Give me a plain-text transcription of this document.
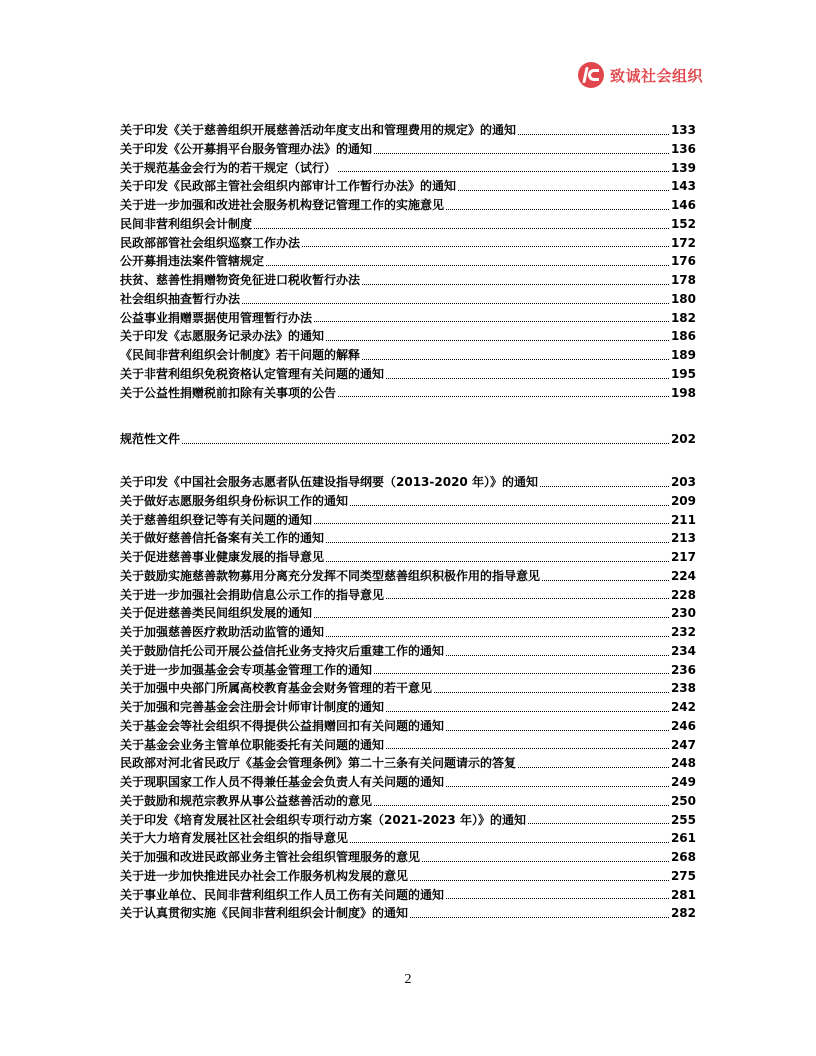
致诚社会组织
关于印发《关于慈善组织开展慈善活动年度支出和管理费用的规定》的通知	133
关于印发《公开募捐平台服务管理办法》的通知	136
关于规范基金会行为的若干规定（试行）	139
关于印发《民政部主管社会组织内部审计工作暂行办法》的通知	143
关于进一步加强和改进社会服务机构登记管理工作的实施意见	146
民间非营利组织会计制度	152
民政部部管社会组织巡察工作办法	172
公开募捐违法案件管辖规定	176
扶贫、慈善性捐赠物资免征进口税收暂行办法	178
社会组织抽查暂行办法	180
公益事业捐赠票据使用管理暂行办法	182
关于印发《志愿服务记录办法》的通知	186
《民间非营利组织会计制度》若干问题的解释	189
关于非营利组织免税资格认定管理有关问题的通知	195
关于公益性捐赠税前扣除有关事项的公告	198
规范性文件	202
关于印发《中国社会服务志愿者队伍建设指导纲要（2013-2020 年）》的通知	203
关于做好志愿服务组织身份标识工作的通知	209
关于慈善组织登记等有关问题的通知	211
关于做好慈善信托备案有关工作的通知	213
关于促进慈善事业健康发展的指导意见	217
关于鼓励实施慈善款物募用分离充分发挥不同类型慈善组织积极作用的指导意见	224
关于进一步加强社会捐助信息公示工作的指导意见	228
关于促进慈善类民间组织发展的通知	230
关于加强慈善医疗救助活动监管的通知	232
关于鼓励信托公司开展公益信托业务支持灾后重建工作的通知	234
关于进一步加强基金会专项基金管理工作的通知	236
关于加强中央部门所属高校教育基金会财务管理的若干意见	238
关于加强和完善基金会注册会计师审计制度的通知	242
关于基金会等社会组织不得提供公益捐赠回扣有关问题的通知	246
关于基金会业务主管单位职能委托有关问题的通知	247
民政部对河北省民政厅《基金会管理条例》第二十三条有关问题请示的答复	248
关于现职国家工作人员不得兼任基金会负责人有关问题的通知	249
关于鼓励和规范宗教界从事公益慈善活动的意见	250
关于印发《培育发展社区社会组织专项行动方案（2021-2023 年）》的通知	255
关于大力培育发展社区社会组织的指导意见	261
关于加强和改进民政部业务主管社会组织管理服务的意见	268
关于进一步加快推进民办社会工作服务机构发展的意见	275
关于事业单位、民间非营利组织工作人员工伤有关问题的通知	281
关于认真贯彻实施《民间非营利组织会计制度》的通知	282
2
